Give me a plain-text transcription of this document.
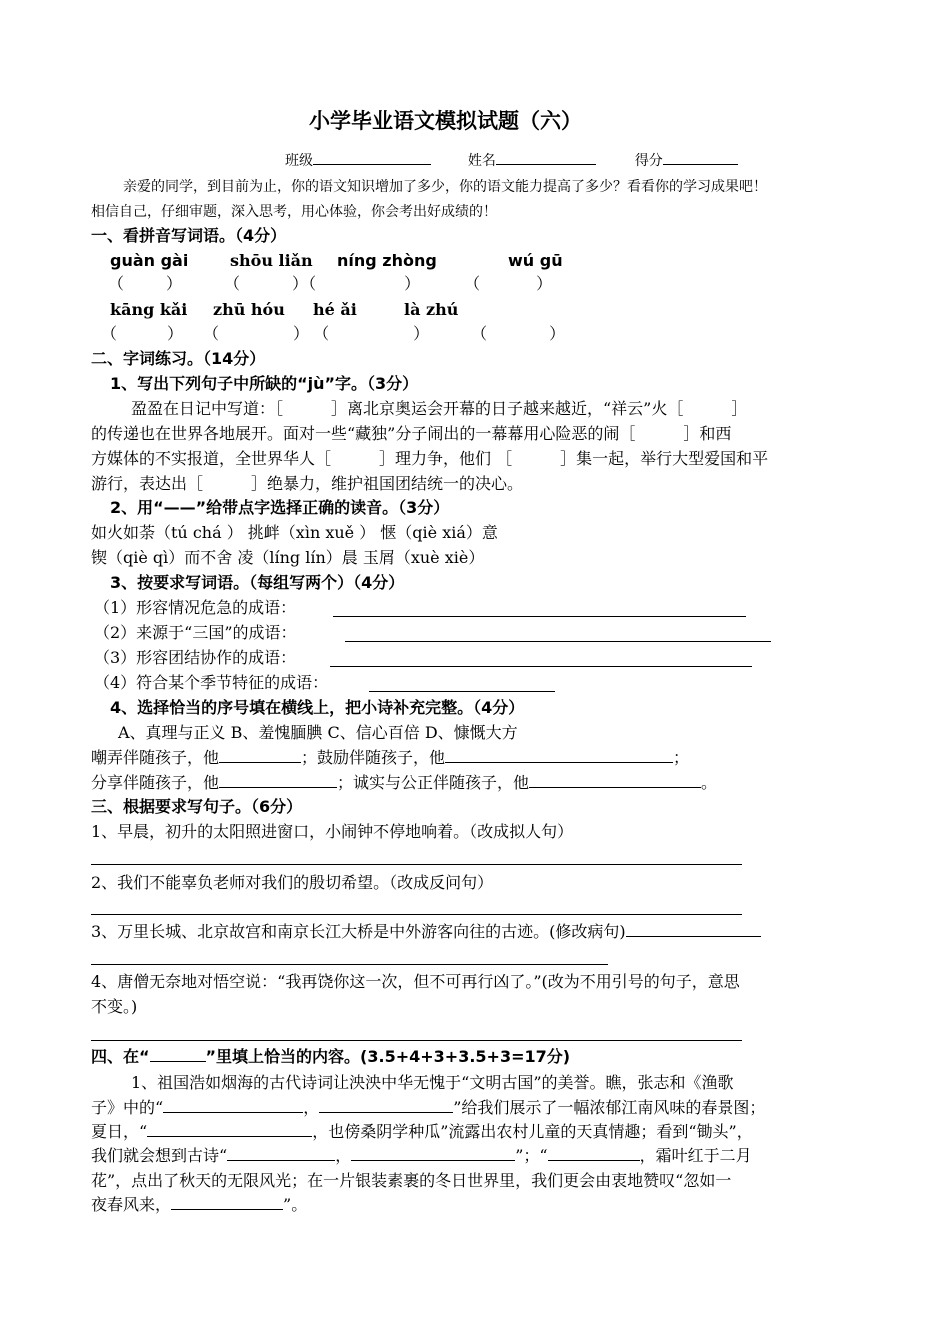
小学毕业语文模拟试题（六）
班级	姓名	得分
亲爱的同学，到目前为止，你的语文知识增加了多少，你的语文能力提高了多少？看看你的学习成果吧！
相信自己，仔细审题，深入思考，用心体验，你会考出好成绩的！
一、看拼音写词语。（4分）
guàn gài	shōu liǎn níng zhòng	wú gū
（	）	（	）（	）	（	）
kāng kǎi zhū hóu hé ǎi	là zhú
（	） （	） （	）	（	）
二、字词练习。（14分）
1、写出下列句子中所缺的“jù”字。（3分）
盈盈在日记中写道：［　　　］离北京奥运会开幕的日子越来越近，“祥云”火［　　　］
的传递也在世界各地展开。面对一些“藏独”分子闹出的一幕幕用心险恶的闹［　　　］和西
方媒体的不实报道，全世界华人［　　　］理力争，他们 ［　　　］集一起，举行大型爱国和平
游行，表达出［　　　］绝暴力，维护祖国团结统一的决心。
2、用“——”给带点字选择正确的读音。（3分）
如火如荼（tú chá ） 挑衅（xìn xuě ） 惬（qiè xiá）意
锲（qiè qì）而不舍 凌（líng lín）晨 玉屑（xuè xiè）
3、按要求写词语。（每组写两个）（4分）
（1）形容情况危急的成语：
（2）来源于“三国”的成语：
（3）形容团结协作的成语：
（4）符合某个季节特征的成语：
4、选择恰当的序号填在横线上，把小诗补充完整。（4分）
A、真理与正义 B、羞愧腼腆 C、信心百倍 D、慷慨大方
嘲弄伴随孩子，他	；鼓励伴随孩子，他	；
分享伴随孩子，他	；诚实与公正伴随孩子，他	。
三、根据要求写句子。（6分）
1、早晨，初升的太阳照进窗口，小闹钟不停地响着。（改成拟人句）
2、我们不能辜负老师对我们的殷切希望。（改成反问句）
3、万里长城、北京故宫和南京长江大桥是中外游客向往的古迹。(修改病句)
4、唐僧无奈地对悟空说：“我再饶你这一次，但不可再行凶了。”(改为不用引号的句子，意思
不变。)
四、在“	”里填上恰当的内容。(3.5+4+3+3.5+3=17分)
1、祖国浩如烟海的古代诗词让泱泱中华无愧于“文明古国”的美誉。瞧，张志和《渔歌
子》中的“	，	”给我们展示了一幅浓郁江南风味的春景图；
夏日，“	，也傍桑阴学种瓜”流露出农村儿童的天真情趣；看到“锄头”，
我们就会想到古诗“	，	”；“	，霜叶红于二月
花”，点出了秋天的无限风光；在一片银装素裹的冬日世界里，我们更会由衷地赞叹“忽如一
夜春风来，	”。
